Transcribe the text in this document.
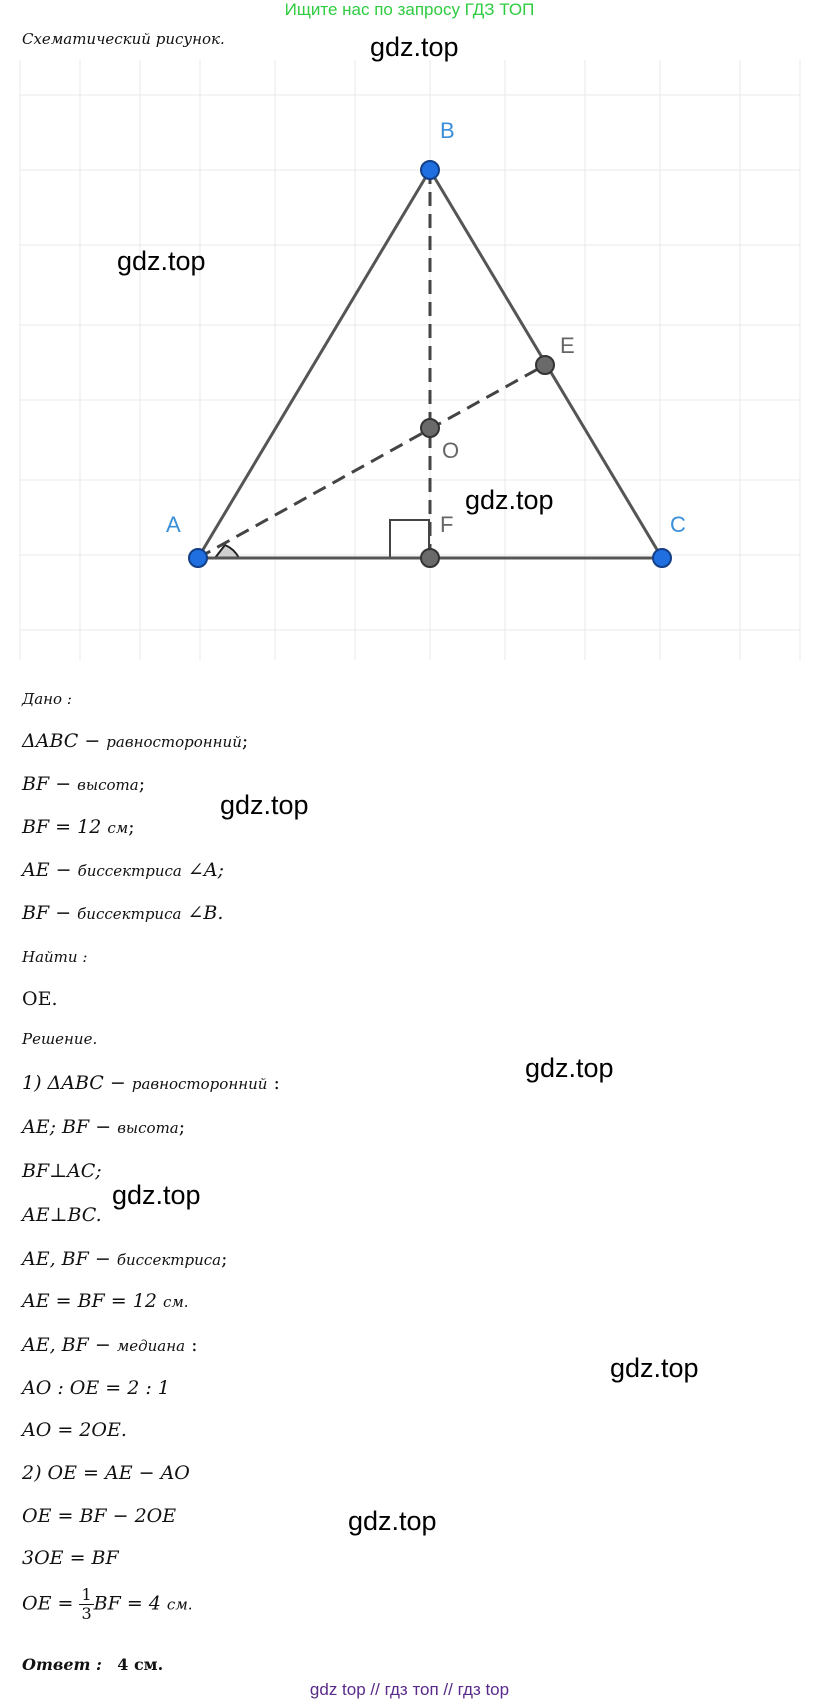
Ищите нас по запросу ГДЗ ТОП
Схематический рисунок.	gdz.top
B
A	C
E
O
F
gdz.top
gdz.top
Дано :
ΔABC − равносторонний;
BF − высота;
BF = 12 см;
AE − биссектриса ∠A;
BF − биссектриса ∠B.
gdz.top
Найти :
OE.
Решение.
1) ΔABC − равносторонний :
AE; BF − высота;
BF⊥AC;
AE⊥BC.
AE, BF − биссектриса;
AE = BF = 12 см.
AE, BF − медиана :
AO : OE = 2 : 1
AO = 2OE.
2) OE = AE − AO
OE = BF − 2OE
3OE = BF
OE = $\frac{1}{3}$ BF = 4 см.
Ответ : 4 см.
gdz.top
gdz.top
gdz.top
gdz.top
gdz top // гдз топ // гдз top
